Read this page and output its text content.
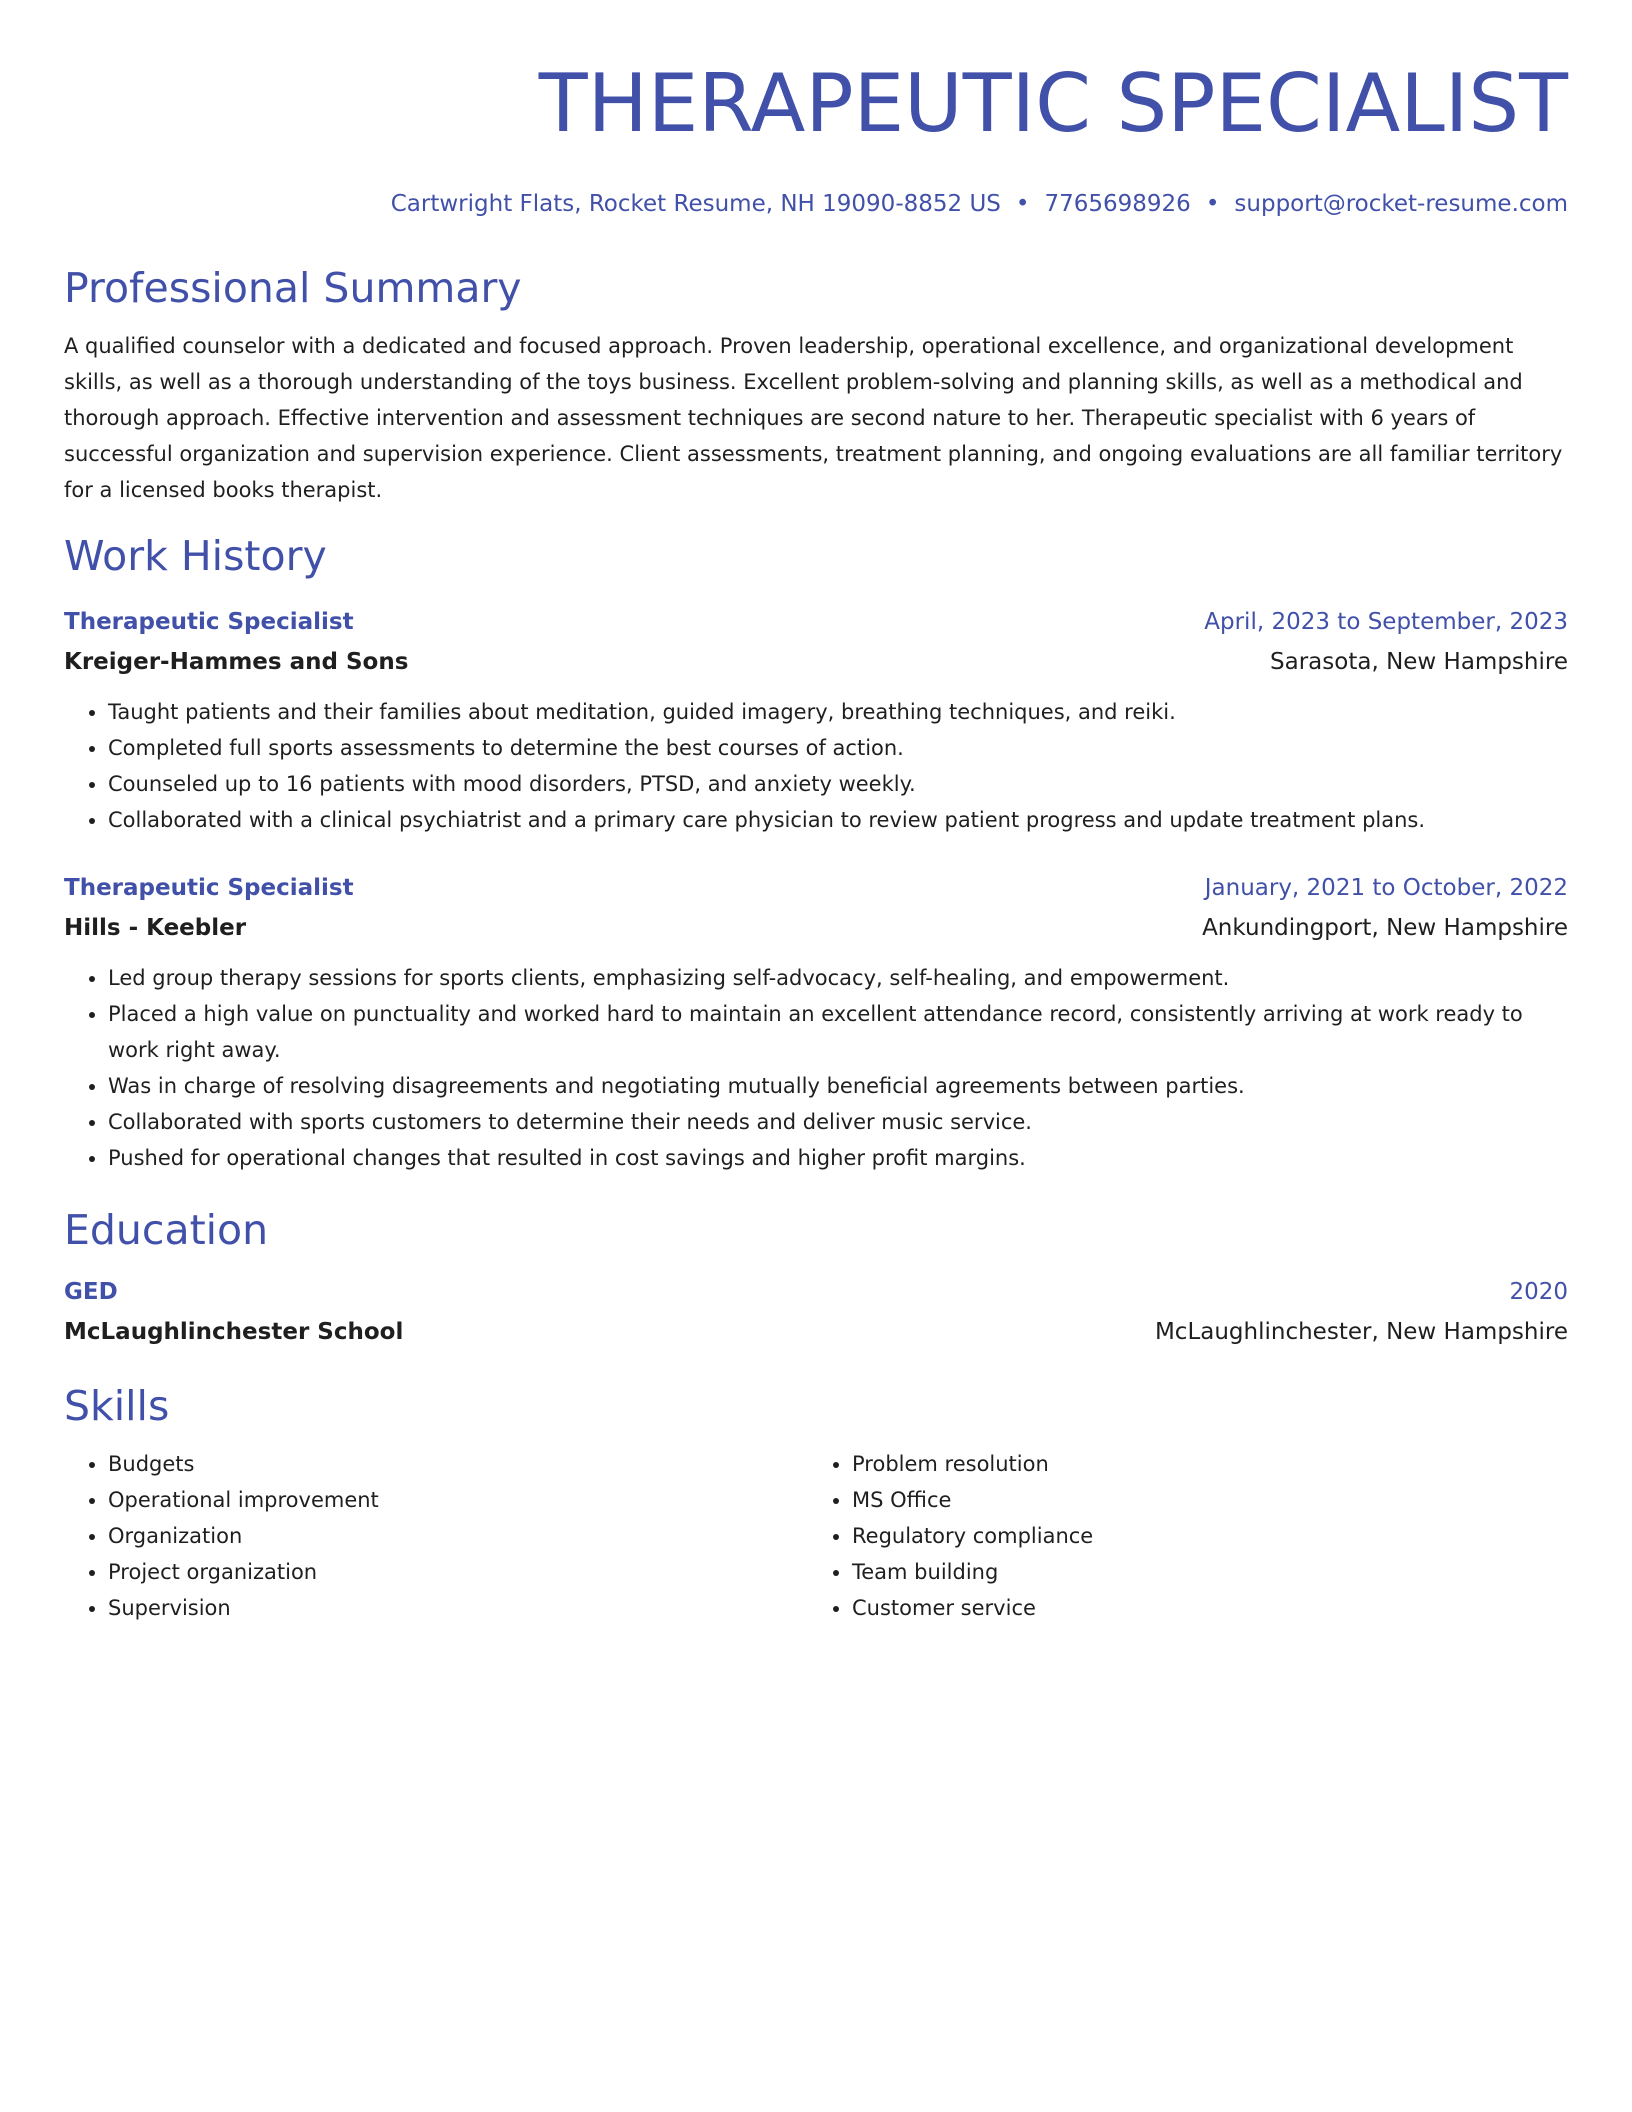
THERAPEUTIC SPECIALIST
Cartwright Flats, Rocket Resume, NH 19090-8852 US • 7765698926 • support@rocket-resume.com
Professional Summary

A qualified counselor with a dedicated and focused approach. Proven leadership, operational excellence, and organizational development skills, as well as a thorough understanding of the toys business. Excellent problem-solving and planning skills, as well as a methodical and thorough approach. Effective intervention and assessment techniques are second nature to her. Therapeutic specialist with 6 years of successful organization and supervision experience. Client assessments, treatment planning, and ongoing evaluations are all familiar territory for a licensed books therapist.

Work History
Therapeutic Specialist	April, 2023 to September, 2023
Kreiger-Hammes and Sons	Sarasota, New Hampshire
• Taught patients and their families about meditation, guided imagery, breathing techniques, and reiki.
• Completed full sports assessments to determine the best courses of action.
• Counseled up to 16 patients with mood disorders, PTSD, and anxiety weekly.
• Collaborated with a clinical psychiatrist and a primary care physician to review patient progress and update treatment plans.
Therapeutic Specialist	January, 2021 to October, 2022
Hills - Keebler	Ankundingport, New Hampshire
• Led group therapy sessions for sports clients, emphasizing self-advocacy, self-healing, and empowerment.
• Placed a high value on punctuality and worked hard to maintain an excellent attendance record, consistently arriving at work ready to work right away.
• Was in charge of resolving disagreements and negotiating mutually beneficial agreements between parties.
• Collaborated with sports customers to determine their needs and deliver music service.
• Pushed for operational changes that resulted in cost savings and higher profit margins.
Education
GED	2020
McLaughlinchester School	McLaughlinchester, New Hampshire
Skills
• Budgets
• Operational improvement
• Organization
• Project organization
• Supervision
• Problem resolution
• MS Office
• Regulatory compliance
• Team building
• Customer service
